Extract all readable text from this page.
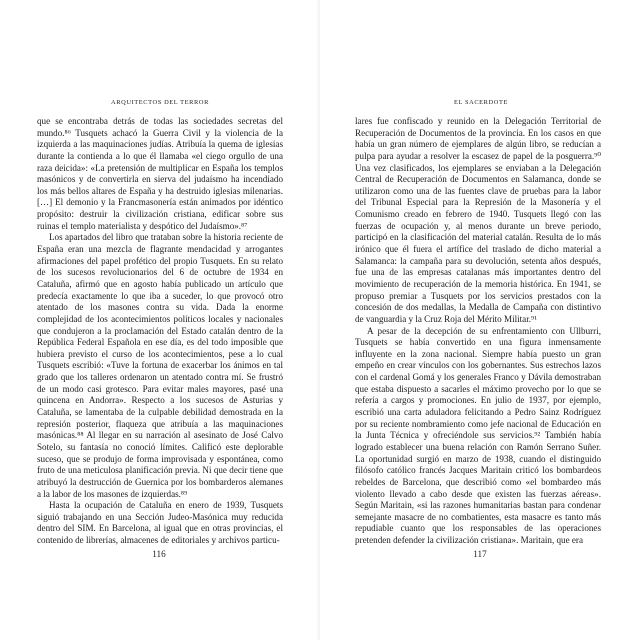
ARQUITECTOS DEL TERROR

que se encontraba detrás de todas las sociedades secretas del mundo.⁸⁶ Tusquets achacó la Guerra Civil y la violencia de la izquierda a las maquinaciones judías. Atribuía la quema de iglesias durante la contienda a lo que él llamaba «el ciego orgullo de una raza deicida»: «La pretensión de multiplicar en España los templos masónicos y de convertirla en sierva del judaísmo ha incendiado los más bellos altares de España y ha destruido iglesias milenarias. […] El demonio y la Francmasonería están animados por idéntico propósito: destruir la civilización cristiana, edificar sobre sus ruinas el templo materialista y despótico del Judaísmo».⁸⁷

Los apartados del libro que trataban sobre la historia reciente de España eran una mezcla de flagrante mendacidad y arrogantes afirmaciones del papel profético del propio Tusquets. En su relato de los sucesos revolucionarios del 6 de octubre de 1934 en Cataluña, afirmó que en agosto había publicado un artículo que predecía exactamente lo que iba a suceder, lo que provocó otro atentado de los masones contra su vida. Dada la enorme complejidad de los acontecimientos políticos locales y nacionales que condujeron a la proclamación del Estado catalán dentro de la República Federal Española en ese día, es del todo imposible que hubiera previsto el curso de los acontecimientos, pese a lo cual Tusquets escribió: «Tuve la fortuna de exacerbar los ánimos en tal grado que los talleres ordenaron un atentado contra mí. Se frustró de un modo casi grotesco. Para evitar males mayores, pasé una quincena en Andorra». Respecto a los sucesos de Asturias y Cataluña, se lamentaba de la culpable debilidad demostrada en la represión posterior, flaqueza que atribuía a las maquinaciones masónicas.⁸⁸ Al llegar en su narración al asesinato de José Calvo Sotelo, su fantasía no conoció límites. Calificó este deplorable suceso, que se produjo de forma improvisada y espontánea, como fruto de una meticulosa planificación previa. Ni que decir tiene que atribuyó la destrucción de Guernica por los bombarderos alemanes a la labor de los masones de izquierdas.⁸⁹

Hasta la ocupación de Cataluña en enero de 1939, Tusquets siguió trabajando en una Sección Judeo-Masónica muy reducida dentro del SIM. En Barcelona, al igual que en otras provincias, el contenido de librerías, almacenes de editoriales y archivos particu-

116
EL SACERDOTE

lares fue confiscado y reunido en la Delegación Territorial de Recuperación de Documentos de la provincia. En los casos en que había un gran número de ejemplares de algún libro, se reducían a pulpa para ayudar a resolver la escasez de papel de la posguerra.⁹⁰ Una vez clasificados, los ejemplares se enviaban a la Delegación Central de Recuperación de Documentos en Salamanca, donde se utilizaron como una de las fuentes clave de pruebas para la labor del Tribunal Especial para la Represión de la Masonería y el Comunismo creado en febrero de 1940. Tusquets llegó con las fuerzas de ocupación y, al menos durante un breve periodo, participó en la clasificación del material catalán. Resulta de lo más irónico que él fuera el artífice del traslado de dicho material a Salamanca: la campaña para su devolución, setenta años después, fue una de las empresas catalanas más importantes dentro del movimiento de recuperación de la memoria histórica. En 1941, se propuso premiar a Tusquets por los servicios prestados con la concesión de dos medallas, la Medalla de Campaña con distintivo de vanguardia y la Cruz Roja del Mérito Militar.⁹¹

A pesar de la decepción de su enfrentamiento con Ullburri, Tusquets se había convertido en una figura inmensamente influyente en la zona nacional. Siempre había puesto un gran empeño en crear vínculos con los gobernantes. Sus estrechos lazos con el cardenal Gomá y los generales Franco y Dávila demostraban que estaba dispuesto a sacarles el máximo provecho por lo que se refería a cargos y promociones. En julio de 1937, por ejemplo, escribió una carta aduladora felicitando a Pedro Sainz Rodríguez por su reciente nombramiento como jefe nacional de Educación en la Junta Técnica y ofreciéndole sus servicios.⁹² También había logrado establecer una buena relación con Ramón Serrano Suñer. La oportunidad surgió en marzo de 1938, cuando el distinguido filósofo católico francés Jacques Maritain criticó los bombardeos rebeldes de Barcelona, que describió como «el bombardeo más violento llevado a cabo desde que existen las fuerzas aéreas». Según Maritain, «si las razones humanitarias bastan para condenar semejante masacre de no combatientes, esta masacre es tanto más repudiable cuanto que los responsables de las operaciones pretenden defender la civilización cristiana». Maritain, que era

117
